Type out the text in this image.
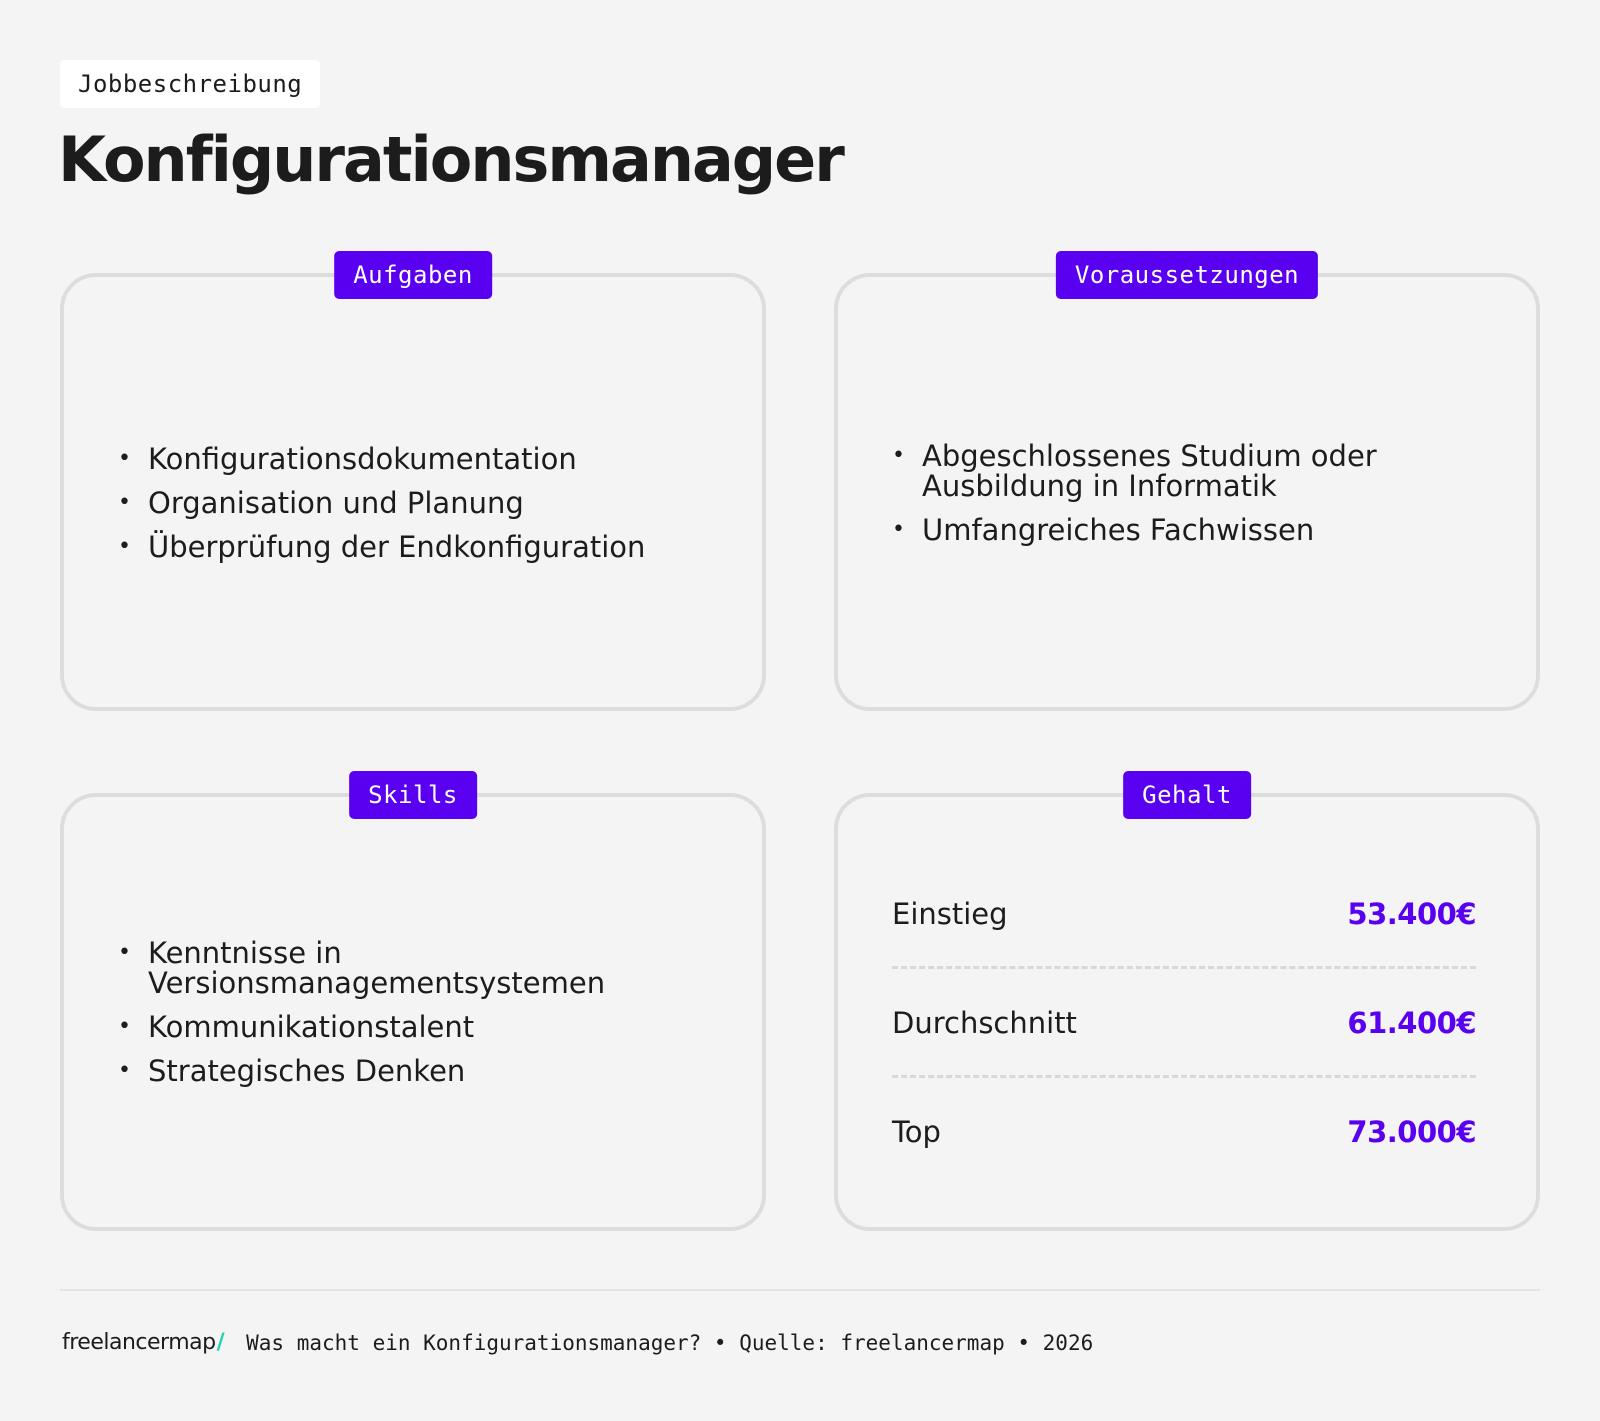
Jobbeschreibung
Konfigurationsmanager
Aufgaben
• Konfigurationsdokumentation
• Organisation und Planung
• Überprüfung der Endkonfiguration
Voraussetzungen
• Abgeschlossenes Studium oder Ausbildung in Informatik
• Umfangreiches Fachwissen
Skills
• Kenntnisse in Versionsmanagementsystemen
• Kommunikationstalent
• Strategisches Denken
Gehalt
Einstieg	53.400€
Durchschnitt	61.400€
Top	73.000€
freelancermap / Was macht ein Konfigurationsmanager? • Quelle: freelancermap • 2026
